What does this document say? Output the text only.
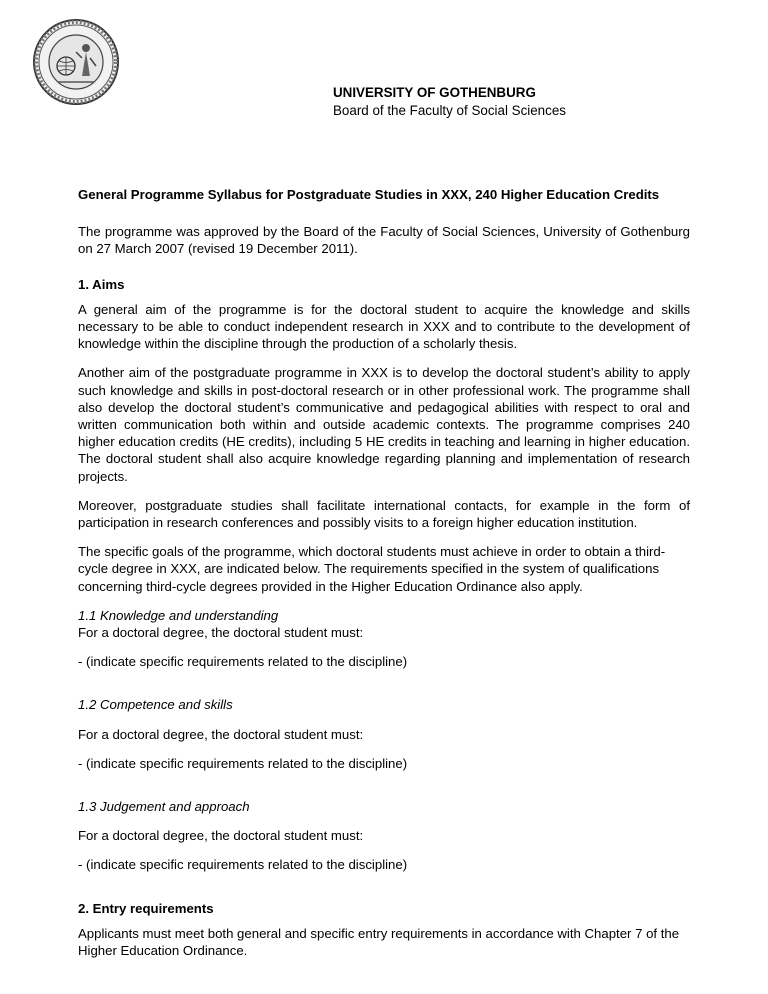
UNIVERSITY OF GOTHENBURG
Board of the Faculty of Social Sciences

General Programme Syllabus for Postgraduate Studies in XXX, 240 Higher Education Credits

The programme was approved by the Board of the Faculty of Social Sciences, University of Gothenburg on 27 March 2007 (revised 19 December 2011).

1. Aims

A general aim of the programme is for the doctoral student to acquire the knowledge and skills necessary to be able to conduct independent research in XXX and to contribute to the development of knowledge within the discipline through the production of a scholarly thesis.

Another aim of the postgraduate programme in XXX is to develop the doctoral student’s ability to apply such knowledge and skills in post-doctoral research or in other professional work. The programme shall also develop the doctoral student’s communicative and pedagogical abilities with respect to oral and written communication both within and outside academic contexts. The programme comprises 240 higher education credits (HE credits), including 5 HE credits in teaching and learning in higher education. The doctoral student shall also acquire knowledge regarding planning and implementation of research projects.

Moreover, postgraduate studies shall facilitate international contacts, for example in the form of participation in research conferences and possibly visits to a foreign higher education institution.

The specific goals of the programme, which doctoral students must achieve in order to obtain a third-cycle degree in XXX, are indicated below. The requirements specified in the system of qualifications concerning third-cycle degrees provided in the Higher Education Ordinance also apply.

1.1 Knowledge and understanding

For a doctoral degree, the doctoral student must:

- (indicate specific requirements related to the discipline)

1.2 Competence and skills

For a doctoral degree, the doctoral student must:

- (indicate specific requirements related to the discipline)

1.3 Judgement and approach

For a doctoral degree, the doctoral student must:

- (indicate specific requirements related to the discipline)

2. Entry requirements

Applicants must meet both general and specific entry requirements in accordance with Chapter 7 of the Higher Education Ordinance.
